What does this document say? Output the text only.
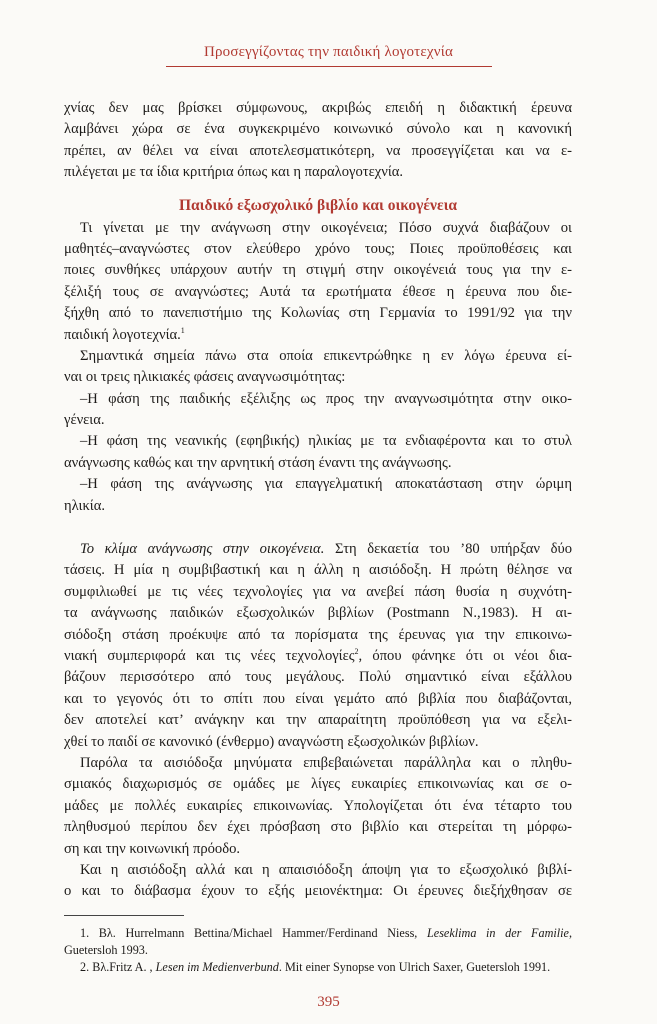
Προσεγγίζοντας την παιδική λογοτεχνία
χνίας δεν μας βρίσκει σύμφωνους, ακριβώς επειδή η διδακτική έρευνα
λαμβάνει χώρα σε ένα συγκεκριμένο κοινωνικό σύνολο και η κανονική
πρέπει, αν θέλει να είναι αποτελεσματικότερη, να προσεγγίζεται και να ε-
πιλέγεται με τα ίδια κριτήρια όπως και η παραλογοτεχνία.
Παιδικό εξωσχολικό βιβλίο και οικογένεια
Τι γίνεται με την ανάγνωση στην οικογένεια; Πόσο συχνά διαβάζουν οι
μαθητές–αναγνώστες στον ελεύθερο χρόνο τους; Ποιες προϋποθέσεις και
ποιες συνθήκες υπάρχουν αυτήν τη στιγμή στην οικογένειά τους για την ε-
ξέλιξή τους σε αναγνώστες; Αυτά τα ερωτήματα έθεσε η έρευνα που διε-
ξήχθη από το πανεπιστήμιο της Κολωνίας στη Γερμανία το 1991/92 για την
παιδική λογοτεχνία.$^1$
Σημαντικά σημεία πάνω στα οποία επικεντρώθηκε η εν λόγω έρευνα εί-
ναι οι τρεις ηλικιακές φάσεις αναγνωσιμότητας:
–Η φάση της παιδικής εξέλιξης ως προς την αναγνωσιμότητα στην οικο-
γένεια.
–Η φάση της νεανικής (εφηβικής) ηλικίας με τα ενδιαφέροντα και το στυλ
ανάγνωσης καθώς και την αρνητική στάση έναντι της ανάγνωσης.
–Η φάση της ανάγνωσης για επαγγελματική αποκατάσταση στην ώριμη
ηλικία.
Το κλίμα ανάγνωσης στην οικογένεια. Στη δεκαετία του ’80 υπήρξαν δύο
τάσεις. Η μία η συμβιβαστική και η άλλη η αισιόδοξη. Η πρώτη θέλησε να
συμφιλιωθεί με τις νέες τεχνολογίες για να ανεβεί πάση θυσία η συχνότη-
τα ανάγνωσης παιδικών εξωσχολικών βιβλίων (Postmann N.,1983). Η αι-
σιόδοξη στάση προέκυψε από τα πορίσματα της έρευνας για την επικοινω-
νιακή συμπεριφορά και τις νέες τεχνολογίες$^2$, όπου φάνηκε ότι οι νέοι δια-
βάζουν περισσότερο από τους μεγάλους. Πολύ σημαντικό είναι εξάλλου
και το γεγονός ότι το σπίτι που είναι γεμάτο από βιβλία που διαβάζονται,
δεν αποτελεί κατ’ ανάγκην και την απαραίτητη προϋπόθεση για να εξελι-
χθεί το παιδί σε κανονικό (ένθερμο) αναγνώστη εξωσχολικών βιβλίων.
Παρόλα τα αισιόδοξα μηνύματα επιβεβαιώνεται παράλληλα και ο πληθυ-
σμιακός διαχωρισμός σε ομάδες με λίγες ευκαιρίες επικοινωνίας και σε ο-
μάδες με πολλές ευκαιρίες επικοινωνίας. Υπολογίζεται ότι ένα τέταρτο του
πληθυσμού περίπου δεν έχει πρόσβαση στο βιβλίο και στερείται τη μόρφω-
ση και την κοινωνική πρόοδο.
Και η αισιόδοξη αλλά και η απαισιόδοξη άποψη για το εξωσχολικό βιβλί-
ο και το διάβασμα έχουν το εξής μειονέκτημα: Οι έρευνες διεξήχθησαν σε
1. Βλ. Hurrelmann Bettina/Michael Hammer/Ferdinand Niess, Leseklima in der Familie,
Guetersloh 1993.
2. Βλ.Fritz A. , Lesen im Medienverbund. Mit einer Synopse von Ulrich Saxer, Guetersloh 1991.
395
